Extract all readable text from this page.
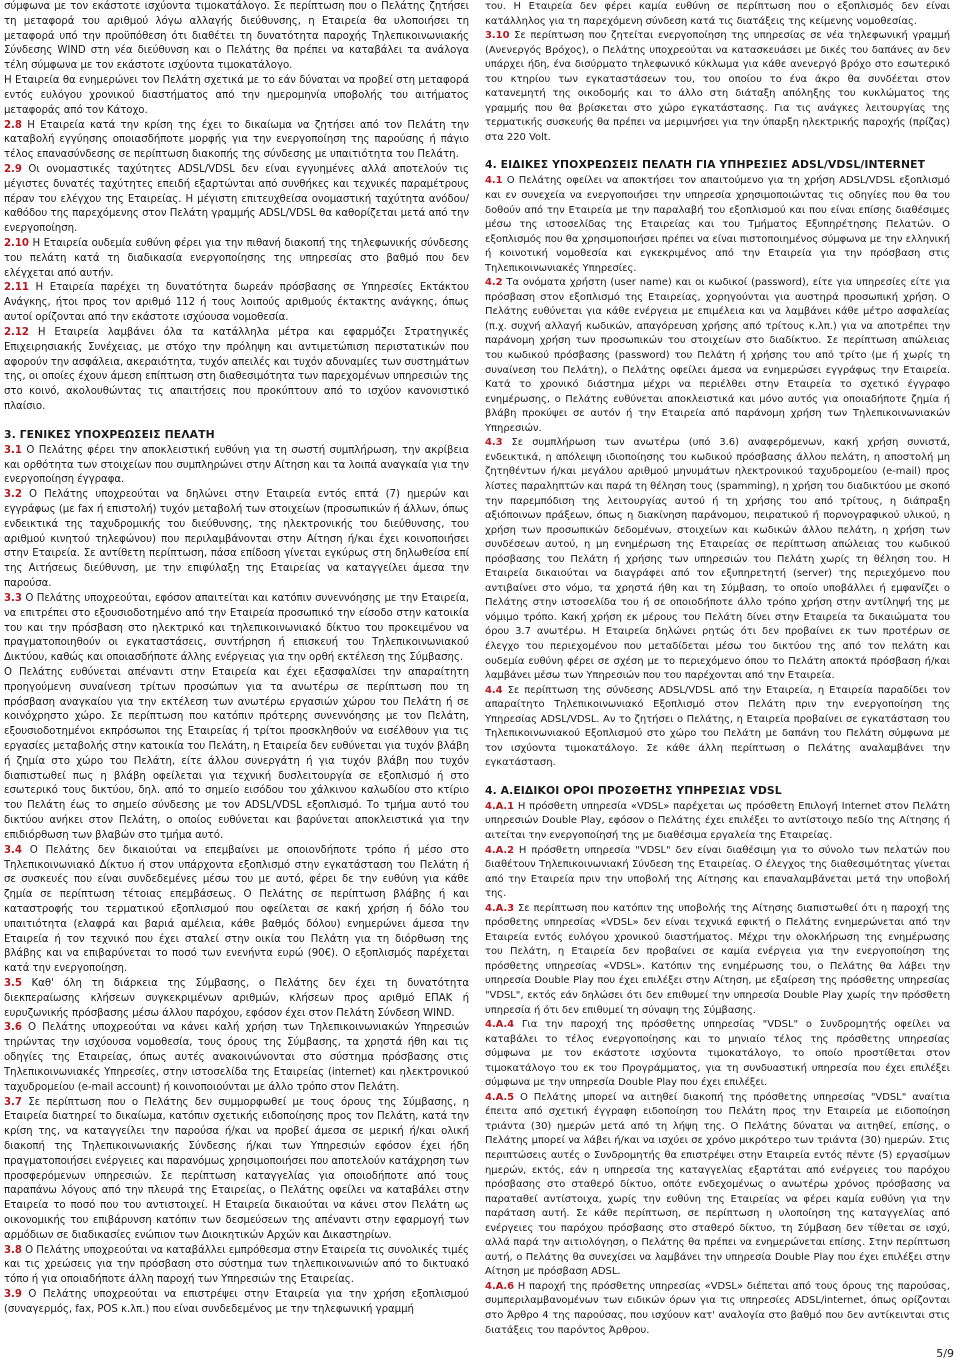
σύμφωνα με τον εκάστοτε ισχύοντα τιμοκατάλογο. Σε περίπτωση που ο Πελάτης ζητήσει τη μεταφορά του αριθμού λόγω αλλαγής διεύθυνσης, η Εταιρεία θα υλοποιήσει τη μεταφορά υπό την προϋπόθεση ότι διαθέτει τη δυνατότητα παροχής Τηλεπικοινωνιακής Σύνδεσης WIND στη νέα διεύθυνση και ο Πελάτης θα πρέπει να καταβάλει τα ανάλογα τέλη σύμφωνα με τον εκάστοτε ισχύοντα τιμοκατάλογο.

Η Εταιρεία θα ενημερώνει τον Πελάτη σχετικά με το εάν δύναται να προβεί στη μεταφορά εντός ευλόγου χρονικού διαστήματος από την ημερομηνία υποβολής του αιτήματος μεταφοράς από τον Κάτοχο.

2.8 Η Εταιρεία κατά την κρίση της έχει το δικαίωμα να ζητήσει από τον Πελάτη την καταβολή εγγύησης οποιασδήποτε μορφής για την ενεργοποίηση της παρούσης ή πάγιο τέλος επανασύνδεσης σε περίπτωση διακοπής της σύνδεσης με υπαιτιότητα του Πελάτη.

2.9 Οι ονομαστικές ταχύτητες ADSL/VDSL δεν είναι εγγυημένες αλλά αποτελούν τις μέγιστες δυνατές ταχύτητες επειδή εξαρτώνται από συνθήκες και τεχνικές παραμέτρους πέραν του ελέγχου της Εταιρείας. Η μέγιστη επιτευχθείσα ονομαστική ταχύτητα ανόδου/καθόδου της παρεχόμενης στον Πελάτη γραμμής ADSL/VDSL θα καθορίζεται μετά από την ενεργοποίηση.

2.10 Η Εταιρεία ουδεμία ευθύνη φέρει για την πιθανή διακοπή της τηλεφωνικής σύνδεσης του πελάτη κατά τη διαδικασία ενεργοποίησης της υπηρεσίας στο βαθμό που δεν ελέγχεται από αυτήν.

2.11 Η Εταιρεία παρέχει τη δυνατότητα δωρεάν πρόσβασης σε Υπηρεσίες Εκτάκτου Ανάγκης, ήτοι προς τον αριθμό 112 ή τους λοιπούς αριθμούς έκτακτης ανάγκης, όπως αυτοί ορίζονται από την εκάστοτε ισχύουσα νομοθεσία.

2.12 Η Εταιρεία λαμβάνει όλα τα κατάλληλα μέτρα και εφαρμόζει Στρατηγικές Επιχειρησιακής Συνέχειας, με στόχο την πρόληψη και αντιμετώπιση περιστατικών που αφορούν την ασφάλεια, ακεραιότητα, τυχόν απειλές και τυχόν αδυναμίες των συστημάτων της, οι οποίες έχουν άμεση επίπτωση στη διαθεσιμότητα των παρεχομένων υπηρεσιών της στο κοινό, ακολουθώντας τις απαιτήσεις που προκύπτουν από το ισχύον κανονιστικό πλαίσιο.

3. ΓΕΝΙΚΕΣ ΥΠΟΧΡΕΩΣΕΙΣ ΠΕΛΑΤΗ

3.1 Ο Πελάτης φέρει την αποκλειστική ευθύνη για τη σωστή συμπλήρωση, την ακρίβεια και ορθότητα των στοιχείων που συμπληρώνει στην Αίτηση και τα λοιπά αναγκαία για την ενεργοποίηση έγγραφα.

3.2 Ο Πελάτης υποχρεούται να δηλώνει στην Εταιρεία εντός επτά (7) ημερών και εγγράφως (με fax ή επιστολή) τυχόν μεταβολή των στοιχείων (προσωπικών ή άλλων, όπως ενδεικτικά της ταχυδρομικής του διεύθυνσης, της ηλεκτρονικής του διεύθυνσης, του αριθμού κινητού τηλεφώνου) που περιλαμβάνονται στην Αίτηση ή/και έχει κοινοποιήσει στην Εταιρεία. Σε αντίθετη περίπτωση, πάσα επίδοση γίνεται εγκύρως στη δηλωθείσα επί της Αιτήσεως διεύθυνση, με την επιφύλαξη της Εταιρείας να καταγγείλει άμεσα την παρούσα.

3.3 Ο Πελάτης υποχρεούται, εφόσον απαιτείται και κατόπιν συνεννόησης με την Εταιρεία, να επιτρέπει στο εξουσιοδοτημένο από την Εταιρεία προσωπικό την είσοδο στην κατοικία του και την πρόσβαση στο ηλεκτρικό και τηλεπικοινωνιακό δίκτυο του προκειμένου να πραγματοποιηθούν οι εγκαταστάσεις, συντήρηση ή επισκευή του Τηλεπικοινωνιακού Δικτύου, καθώς και οποιασδήποτε άλλης ενέργειας για την ορθή εκτέλεση της Σύμβασης.

Ο Πελάτης ευθύνεται απέναντι στην Εταιρεία και έχει εξασφαλίσει την απαραίτητη προηγούμενη συναίνεση τρίτων προσώπων για τα ανωτέρω σε περίπτωση που τη πρόσβαση αναγκαίου για την εκτέλεση των ανωτέρω εργασιών χώρου του Πελάτη ή σε κοινόχρηστο χώρο. Σε περίπτωση που κατόπιν πρότερης συνεννόησης με τον Πελάτη, εξουσιοδοτημένοι εκπρόσωποι της Εταιρείας ή τρίτοι προσκληθούν να εισέλθουν για τις εργασίες μεταβολής στην κατοικία του Πελάτη, η Εταιρεία δεν ευθύνεται για τυχόν βλάβη ή ζημία στο χώρο του Πελάτη, είτε άλλου συνεργάτη ή για τυχόν βλάβη που τυχόν διαπιστωθεί πως η βλάβη οφείλεται για τεχνική δυσλειτουργία σε εξοπλισμό ή στο εσωτερικό τους δικτύου, δηλ. από το σημείο εισόδου του χάλκινου καλωδίου στο κτίριο του Πελάτη έως το σημείο σύνδεσης με τον ADSL/VDSL εξοπλισμό. Το τμήμα αυτό του δικτύου ανήκει στον Πελάτη, ο οποίος ευθύνεται και βαρύνεται αποκλειστικά για την επιδιόρθωση των βλαβών στο τμήμα αυτό.

3.4 Ο Πελάτης δεν δικαιούται να επεμβαίνει με οποιονδήποτε τρόπο ή μέσο στο Τηλεπικοινωνιακό Δίκτυο ή στον υπάρχοντα εξοπλισμό στην εγκατάσταση του Πελάτη ή σε συσκευές που είναι συνδεδεμένες μέσω του με αυτό, φέρει δε την ευθύνη για κάθε ζημία σε περίπτωση τέτοιας επεμβάσεως. Ο Πελάτης σε περίπτωση βλάβης ή και καταστροφής του τερματικού εξοπλισμού που οφείλεται σε κακή χρήση ή δόλο του υπαιτιότητα (ελαφρά και βαριά αμέλεια, κάθε βαθμός δόλου) ενημερώνει άμεσα την Εταιρεία ή τον τεχνικό που έχει σταλεί στην οικία του Πελάτη για τη διόρθωση της βλάβης και να επιβαρύνεται το ποσό των ενενήντα ευρώ (90€). Ο εξοπλισμός παρέχεται κατά την ενεργοποίηση.

3.5 Καθ' όλη τη διάρκεια της Σύμβασης, ο Πελάτης δεν έχει τη δυνατότητα διεκπεραίωσης κλήσεων συγκεκριμένων αριθμών, κλήσεων προς αριθμό ΕΠΑΚ ή ευρυζωνικής πρόσβασης μέσω άλλου παρόχου, εφόσον έχει στον Πελάτη Σύνδεση WIND.

3.6 Ο Πελάτης υποχρεούται να κάνει καλή χρήση των Τηλεπικοινωνιακών Υπηρεσιών τηρώντας την ισχύουσα νομοθεσία, τους όρους της Σύμβασης, τα χρηστά ήθη και τις οδηγίες της Εταιρείας, όπως αυτές ανακοινώνονται στο σύστημα πρόσβασης στις Τηλεπικοινωνιακές Υπηρεσίες, στην ιστοσελίδα της Εταιρείας (internet) και ηλεκτρονικού ταχυδρομείου (e-mail account) ή κοινοποιούνται με άλλο τρόπο στον Πελάτη.

3.7 Σε περίπτωση που ο Πελάτης δεν συμμορφωθεί με τους όρους της Σύμβασης, η Εταιρεία διατηρεί το δικαίωμα, κατόπιν σχετικής ειδοποίησης προς τον Πελάτη, κατά την κρίση της, να καταγγείλει την παρούσα ή/και να προβεί άμεσα σε μερική ή/και ολική διακοπή της Τηλεπικοινωνιακής Σύνδεσης ή/και των Υπηρεσιών εφόσον έχει ήδη πραγματοποιήσει ενέργειες και παρανόμως χρησιμοποιήσει που αποτελούν κατάχρηση των προσφερόμενων υπηρεσιών. Σε περίπτωση καταγγελίας για οποιοδήποτε από τους παραπάνω λόγους από την πλευρά της Εταιρείας, ο Πελάτης οφείλει να καταβάλει στην Εταιρεία το ποσό που του αντιστοιχεί. Η Εταιρεία δικαιούται να κάνει στον Πελάτη ως οικονομικής του επιβάρυνση κατόπιν των δεσμεύσεων της απέναντι στην εφαρμογή των αρμόδιων σε διαδικασίες ενώπιον των Διοικητικών Αρχών και Δικαστηρίων.

3.8 Ο Πελάτης υποχρεούται να καταβάλλει εμπρόθεσμα στην Εταιρεία τις συνολικές τιμές και τις χρεώσεις για την πρόσβαση στο σύστημα των τηλεπικοινωνιών από το δικτυακό τόπο ή για οποιαδήποτε άλλη παροχή των Υπηρεσιών της Εταιρείας.

3.9 Ο Πελάτης υποχρεούται να επιστρέψει στην Εταιρεία για την χρήση εξοπλισμού (συναγερμός, fax, POS κ.λπ.) που είναι συνδεδεμένος με την τηλεφωνική γραμμή

του. Η Εταιρεία δεν φέρει καμία ευθύνη σε περίπτωση που ο εξοπλισμός δεν είναι κατάλληλος για τη παρεχόμενη σύνδεση κατά τις διατάξεις της κείμενης νομοθεσίας.

3.10 Σε περίπτωση που ζητείται ενεργοποίηση της υπηρεσίας σε νέα τηλεφωνική γραμμή (Ανενεργός Βρόχος), ο Πελάτης υποχρεούται να κατασκευάσει με δικές του δαπάνες αν δεν υπάρχει ήδη, ένα δισύρματο τηλεφωνικό κύκλωμα για κάθε ανενεργό βρόχο στο εσωτερικό του κτηρίου των εγκαταστάσεων του, του οποίου το ένα άκρο θα συνδέεται στον κατανεμητή της οικοδομής και το άλλο στη διάταξη απόληξης του κυκλώματος της γραμμής που θα βρίσκεται στο χώρο εγκατάστασης. Για τις ανάγκες λειτουργίας της τερματικής συσκευής θα πρέπει να μεριμνήσει για την ύπαρξη ηλεκτρικής παροχής (πρίζας) στα 220 Volt.

4. ΕΙΔΙΚΕΣ ΥΠΟΧΡΕΩΣΕΙΣ ΠΕΛΑΤΗ ΓΙΑ ΥΠΗΡΕΣΙΕΣ ADSL/VDSL/INTERNET

4.1 Ο Πελάτης οφείλει να αποκτήσει τον απαιτούμενο για τη χρήση ADSL/VDSL εξοπλισμό και εν συνεχεία να ενεργοποιήσει την υπηρεσία χρησιμοποιώντας τις οδηγίες που θα του δοθούν από την Εταιρεία με την παραλαβή του εξοπλισμού και που είναι επίσης διαθέσιμες μέσω της ιστοσελίδας της Εταιρείας και του Τμήματος Εξυπηρέτησης Πελατών. Ο εξοπλισμός που θα χρησιμοποιήσει πρέπει να είναι πιστοποιημένος σύμφωνα με την ελληνική ή κοινοτική νομοθεσία και εγκεκριμένος από την Εταιρεία για την πρόσβαση στις Τηλεπικοινωνιακές Υπηρεσίες.

4.2 Τα ονόματα χρήστη (user name) και οι κωδικοί (password), είτε για υπηρεσίες είτε για πρόσβαση στον εξοπλισμό της Εταιρείας, χορηγούνται για αυστηρά προσωπική χρήση. Ο Πελάτης ευθύνεται για κάθε ενέργεια με επιμέλεια και να λαμβάνει κάθε μέτρο ασφαλείας (π.χ. συχνή αλλαγή κωδικών, απαγόρευση χρήσης από τρίτους κ.λπ.) για να αποτρέπει την παράνομη χρήση των προσωπικών του στοιχείων στο διαδίκτυο. Σε περίπτωση απώλειας του κωδικού πρόσβασης (password) του Πελάτη ή χρήσης του από τρίτο (με ή χωρίς τη συναίνεση του Πελάτη), ο Πελάτης οφείλει άμεσα να ενημερώσει εγγράφως την Εταιρεία. Κατά το χρονικό διάστημα μέχρι να περιέλθει στην Εταιρεία το σχετικό έγγραφο ενημέρωσης, ο Πελάτης ευθύνεται αποκλειστικά και μόνο αυτός για οποιαδήποτε ζημία ή βλάβη προκύψει σε αυτόν ή την Εταιρεία από παράνομη χρήση των Τηλεπικοινωνιακών Υπηρεσιών.

4.3 Σε συμπλήρωση των ανωτέρω (υπό 3.6) αναφερόμενων, κακή χρήση συνιστά, ενδεικτικά, η απόλειψη ιδιοποίησης του κωδικού πρόσβασης άλλου πελάτη, η αποστολή μη ζητηθέντων ή/και μεγάλου αριθμού μηνυμάτων ηλεκτρονικού ταχυδρομείου (e-mail) προς λίστες παραληπτών και παρά τη θέληση τους (spamming), η χρήση του διαδικτύου με σκοπό την παρεμπόδιση της λειτουργίας αυτού ή τη χρήσης του από τρίτους, η διάπραξη αξιόποινων πράξεων, όπως η διακίνηση παράνομου, πειρατικού ή πορνογραφικού υλικού, η χρήση των προσωπικών δεδομένων, στοιχείων και κωδικών άλλου πελάτη, η χρήση των συνδέσεων αυτού, η μη ενημέρωση της Εταιρείας σε περίπτωση απώλειας του κωδικού πρόσβασης του Πελάτη ή χρήσης των υπηρεσιών του Πελάτη χωρίς τη θέληση του. Η Εταιρεία δικαιούται να διαγράφει από τον εξυπηρετητή (server) της περιεχόμενο που αντιβαίνει στο νόμο, τα χρηστά ήθη και τη Σύμβαση, το οποίο υποβάλλει ή εμφανίζει ο Πελάτης στην ιστοσελίδα του ή σε οποιοδήποτε άλλο τρόπο χρήση στην αντίληψή της με νόμιμο τρόπο. Κακή χρήση εκ μέρους του Πελάτη δίνει στην Εταιρεία τα δικαιώματα του όρου 3.7 ανωτέρω. Η Εταιρεία δηλώνει ρητώς ότι δεν προβαίνει εκ των προτέρων σε έλεγχο του περιεχομένου που μεταδίδεται μέσω του δικτύου της από τον πελάτη και ουδεμία ευθύνη φέρει σε σχέση με το περιεχόμενο όπου το Πελάτη αποκτά πρόσβαση ή/και λαμβάνει μέσω των Υπηρεσιών που του παρέχονται από την Εταιρεία.

4.4 Σε περίπτωση της σύνδεσης ADSL/VDSL από την Εταιρεία, η Εταιρεία παραδίδει τον απαραίτητο Τηλεπικοινωνιακό Εξοπλισμό στον Πελάτη πριν την ενεργοποίηση της Υπηρεσίας ADSL/VDSL. Αν το ζητήσει ο Πελάτης, η Εταιρεία προβαίνει σε εγκατάσταση του Τηλεπικοινωνιακού Εξοπλισμού στο χώρο του Πελάτη με δαπάνη του Πελάτη σύμφωνα με τον ισχύοντα τιμοκατάλογο. Σε κάθε άλλη περίπτωση ο Πελάτης αναλαμβάνει την εγκατάσταση.

4. Α.ΕΙΔΙΚΟΙ ΟΡΟΙ ΠΡΟΣΘΕΤΗΣ ΥΠΗΡΕΣΙΑΣ VDSL

4.Α.1 Η πρόσθετη υπηρεσία «VDSL» παρέχεται ως πρόσθετη Επιλογή Internet στον Πελάτη υπηρεσιών Double Play, εφόσον ο Πελάτης έχει επιλέξει το αντίστοιχο πεδίο της Αίτησης ή αιτείται την ενεργοποίησή της με διαθέσιμα εργαλεία της Εταιρείας.

4.Α.2 Η πρόσθετη υπηρεσία "VDSL" δεν είναι διαθέσιμη για το σύνολο των πελατών που διαθέτουν Τηλεπικοινωνιακή Σύνδεση της Εταιρείας. Ο έλεγχος της διαθεσιμότητας γίνεται από την Εταιρεία πριν την υποβολή της Αίτησης και επαναλαμβάνεται μετά την υποβολή της.

4.Α.3 Σε περίπτωση που κατόπιν της υποβολής της Αίτησης διαπιστωθεί ότι η παροχή της πρόσθετης υπηρεσίας «VDSL» δεν είναι τεχνικά εφικτή ο Πελάτης ενημερώνεται από την Εταιρεία εντός ευλόγου χρονικού διαστήματος. Μέχρι την ολοκλήρωση της ενημέρωσης του Πελάτη, η Εταιρεία δεν προβαίνει σε καμία ενέργεια για την ενεργοποίηση της πρόσθετης υπηρεσίας «VDSL». Κατόπιν της ενημέρωσης του, ο Πελάτης θα λάβει την υπηρεσία Double Play που έχει επιλέξει στην Αίτηση, με εξαίρεση της πρόσθετης υπηρεσίας "VDSL", εκτός εάν δηλώσει ότι δεν επιθυμεί την υπηρεσία Double Play χωρίς την πρόσθετη υπηρεσία ή ότι δεν επιθυμεί τη σύναψη της Σύμβασης.

4.Α.4 Για την παροχή της πρόσθετης υπηρεσίας "VDSL" ο Συνδρομητής οφείλει να καταβάλει το τέλος ενεργοποίησης και το μηνιαίο τέλος της πρόσθετης υπηρεσίας σύμφωνα με τον εκάστοτε ισχύοντα τιμοκατάλογο, το οποίο προστίθεται στον τιμοκατάλογο του εκ του Προγράμματος, για τη συνδυαστική υπηρεσία που έχει επιλέξει σύμφωνα με την υπηρεσία Double Play που έχει επιλέξει.

4.Α.5 Ο Πελάτης μπορεί να αιτηθεί διακοπή της πρόσθετης υπηρεσίας "VDSL" αναίτια έπειτα από σχετική έγγραφη ειδοποίηση του Πελάτη προς την Εταιρεία με ειδοποίηση τριάντα (30) ημερών μετά από τη λήψη της. Ο Πελάτης δύναται να αιτηθεί, επίσης, ο Πελάτης μπορεί να λάβει ή/και να ισχύει σε χρόνο μικρότερο των τριάντα (30) ημερών. Στις περιπτώσεις αυτές ο Συνδρομητής θα επιστρέψει στην Εταιρεία εντός πέντε (5) εργασίμων ημερών, εκτός, εάν η υπηρεσία της καταγγελίας εξαρτάται από ενέργειες του παρόχου πρόσβασης στο σταθερό δίκτυο, οπότε ενδεχομένως ο ανωτέρω χρόνος πρόσβασης να παραταθεί αντίστοιχα, χωρίς την ευθύνη της Εταιρείας να φέρει καμία ευθύνη για την παράταση αυτή. Σε κάθε περίπτωση, σε περίπτωση η υλοποίηση της καταγγελίας από ενέργειες του παρόχου πρόσβασης στο σταθερό δίκτυο, τη Σύμβαση δεν τίθεται σε ισχύ, αλλά παρά την αιτιολόγηση, ο Πελάτης θα πρέπει να ενημερώνεται επίσης. Στην περίπτωση αυτή, ο Πελάτης θα συνεχίσει να λαμβάνει την υπηρεσία Double Play που έχει επιλέξει στην Αίτηση με πρόσβαση ADSL.

4.Α.6 Η παροχή της πρόσθετης υπηρεσίας «VDSL» διέπεται από τους όρους της παρούσας, συμπεριλαμβανομένων των ειδικών όρων για τις υπηρεσίες ADSL/internet, όπως ορίζονται στο Άρθρο 4 της παρούσας, που ισχύουν κατ' αναλογία στο βαθμό που δεν αντίκεινται στις διατάξεις του παρόντος Άρθρου.

5/9
